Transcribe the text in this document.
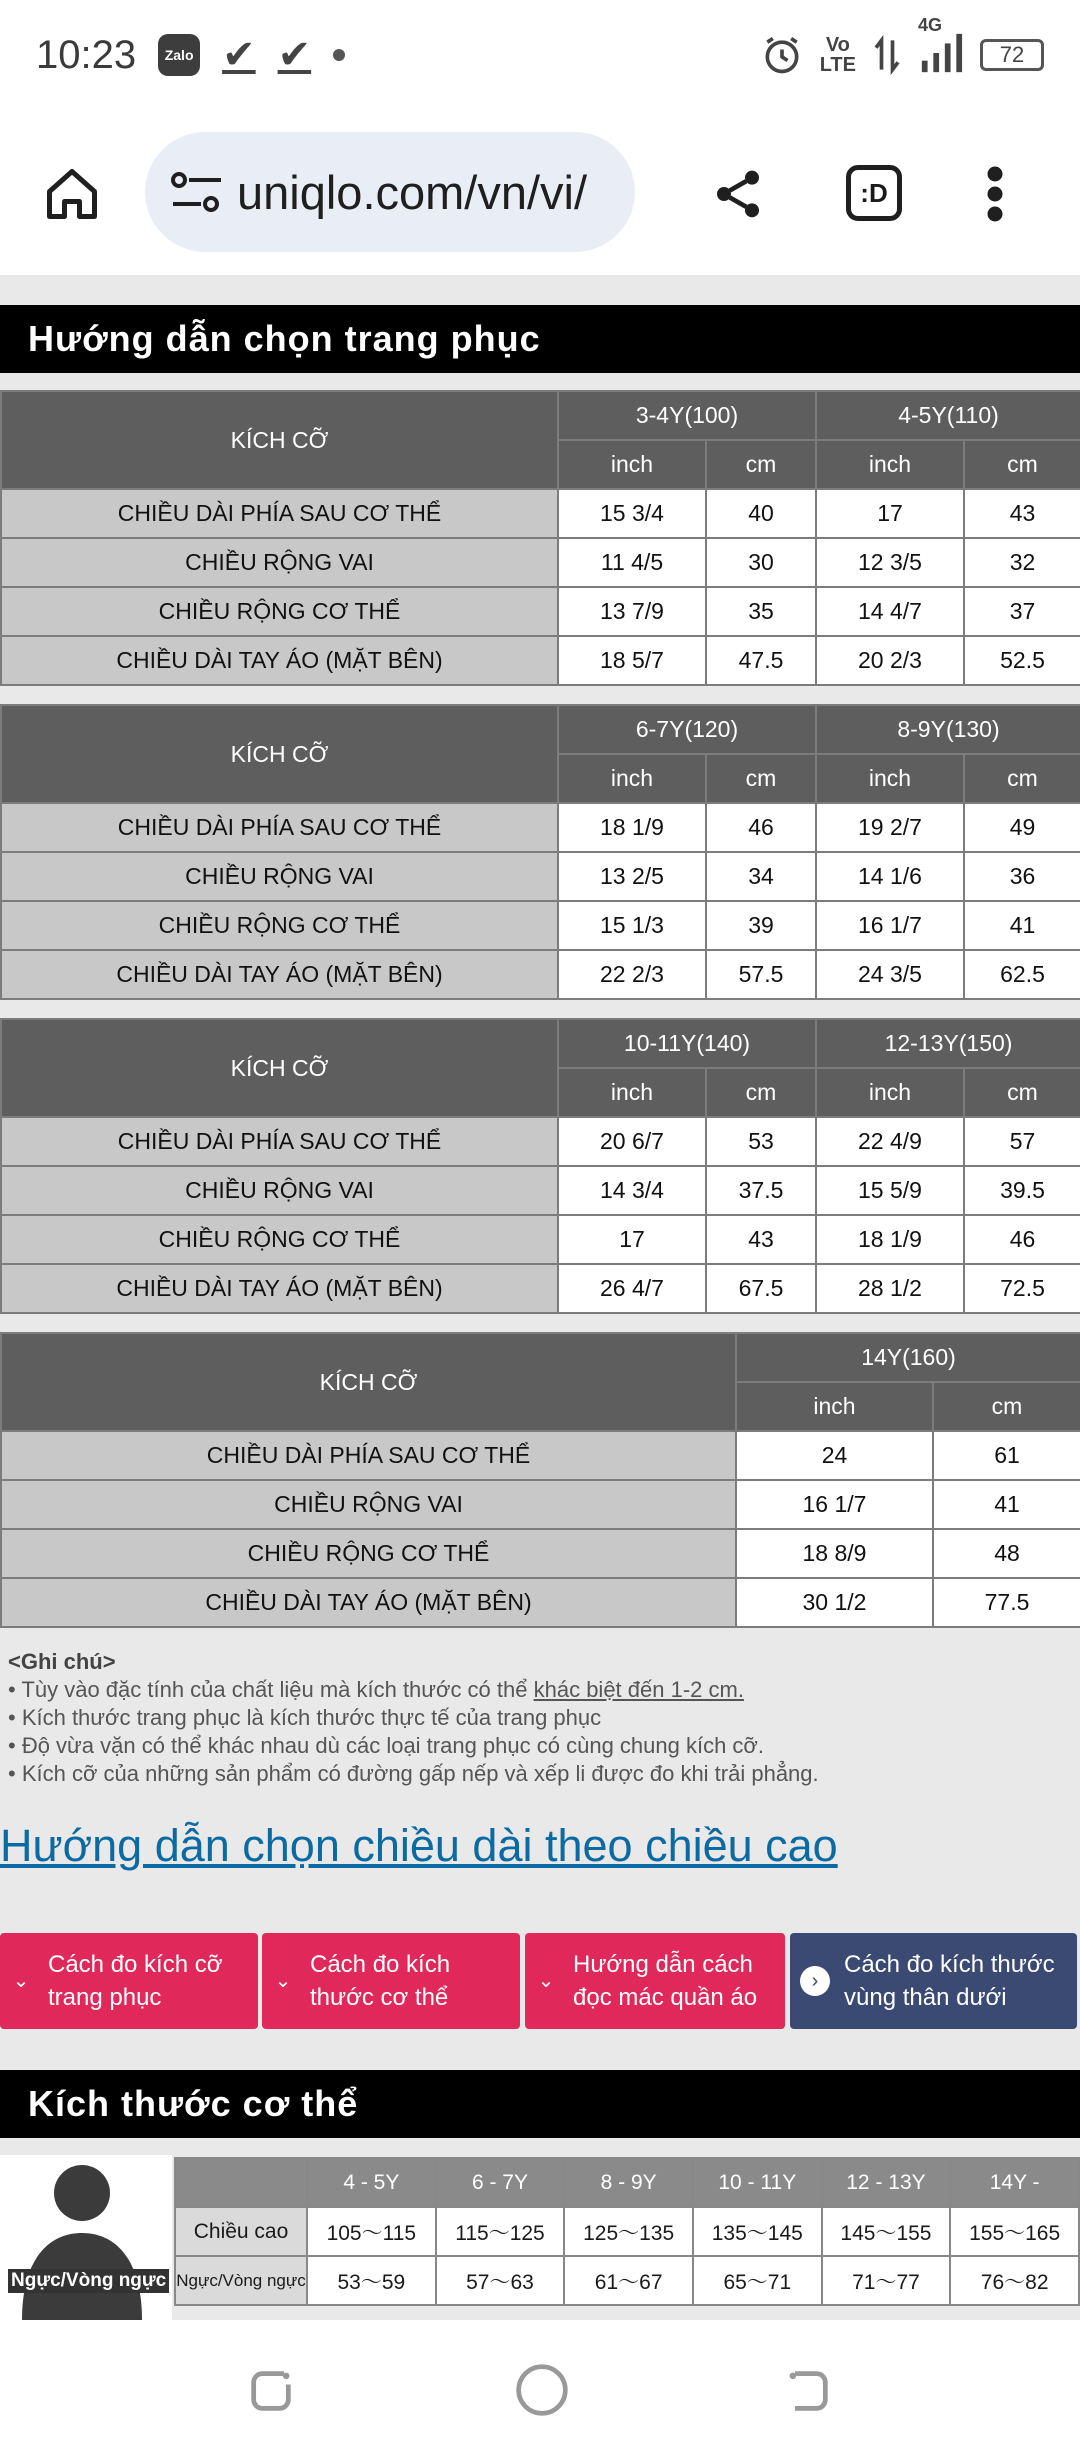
10:23	Zalo ✔ ✔	Vo
LTE
4G
72
uniqlo.com/vn/vi/	:D
Hướng dẫn chọn trang phục
KÍCH CỠ	3-4Y(100)		4-5Y(110)	
	inch	cm	inch	cm
CHIỀU DÀI PHÍA SAU CƠ THỂ	15 3/4	40	17	43
CHIỀU RỘNG VAI	11 4/5	30	12 3/5	32
CHIỀU RỘNG CƠ THỂ	13 7/9	35	14 4/7	37
CHIỀU DÀI TAY ÁO (MẶT BÊN)	18 5/7	47.5	20 2/3	52.5
KÍCH CỠ	6-7Y(120)		8-9Y(130)	
	inch	cm	inch	cm
CHIỀU DÀI PHÍA SAU CƠ THỂ	18 1/9	46	19 2/7	49
CHIỀU RỘNG VAI	13 2/5	34	14 1/6	36
CHIỀU RỘNG CƠ THỂ	15 1/3	39	16 1/7	41
CHIỀU DÀI TAY ÁO (MẶT BÊN)	22 2/3	57.5	24 3/5	62.5
KÍCH CỠ	10-11Y(140)		12-13Y(150)	
	inch	cm	inch	cm
CHIỀU DÀI PHÍA SAU CƠ THỂ	20 6/7	53	22 4/9	57
CHIỀU RỘNG VAI	14 3/4	37.5	15 5/9	39.5
CHIỀU RỘNG CƠ THỂ	17	43	18 1/9	46
CHIỀU DÀI TAY ÁO (MẶT BÊN)	26 4/7	67.5	28 1/2	72.5
KÍCH CỠ	14Y(160)	
	inch	cm
CHIỀU DÀI PHÍA SAU CƠ THỂ	24	61
CHIỀU RỘNG VAI	16 1/7	41
CHIỀU RỘNG CƠ THỂ	18 8/9	48
CHIỀU DÀI TAY ÁO (MẶT BÊN)	30 1/2	77.5
<Ghi chú>
• Tùy vào đặc tính của chất liệu mà kích thước có thể khác biệt đến 1-2 cm.
• Kích thước trang phục là kích thước thực tế của trang phục
• Độ vừa vặn có thể khác nhau dù các loại trang phục có cùng chung kích cỡ.
• Kích cỡ của những sản phẩm có đường gấp nếp và xếp li được đo khi trải phẳng.
Hướng dẫn chọn chiều dài theo chiều cao
⌄
Cách đo kích cỡ
trang phục
⌄
Cách đo kích
thước cơ thể
⌄
Hướng dẫn cách
đọc mác quần áo
›
Cách đo kích thước
vùng thân dưới
Kích thước cơ thể
Ngực/Vòng ngực
	4 - 5Y	6 - 7Y	8 - 9Y	10 - 11Y	12 - 13Y	14Y -
Chiều cao	105〜115	115〜125	125〜135	135〜145	145〜155	155〜165
Ngực/Vòng ngực	53〜59	57〜63	61〜67	65〜71	71〜77	76〜82
